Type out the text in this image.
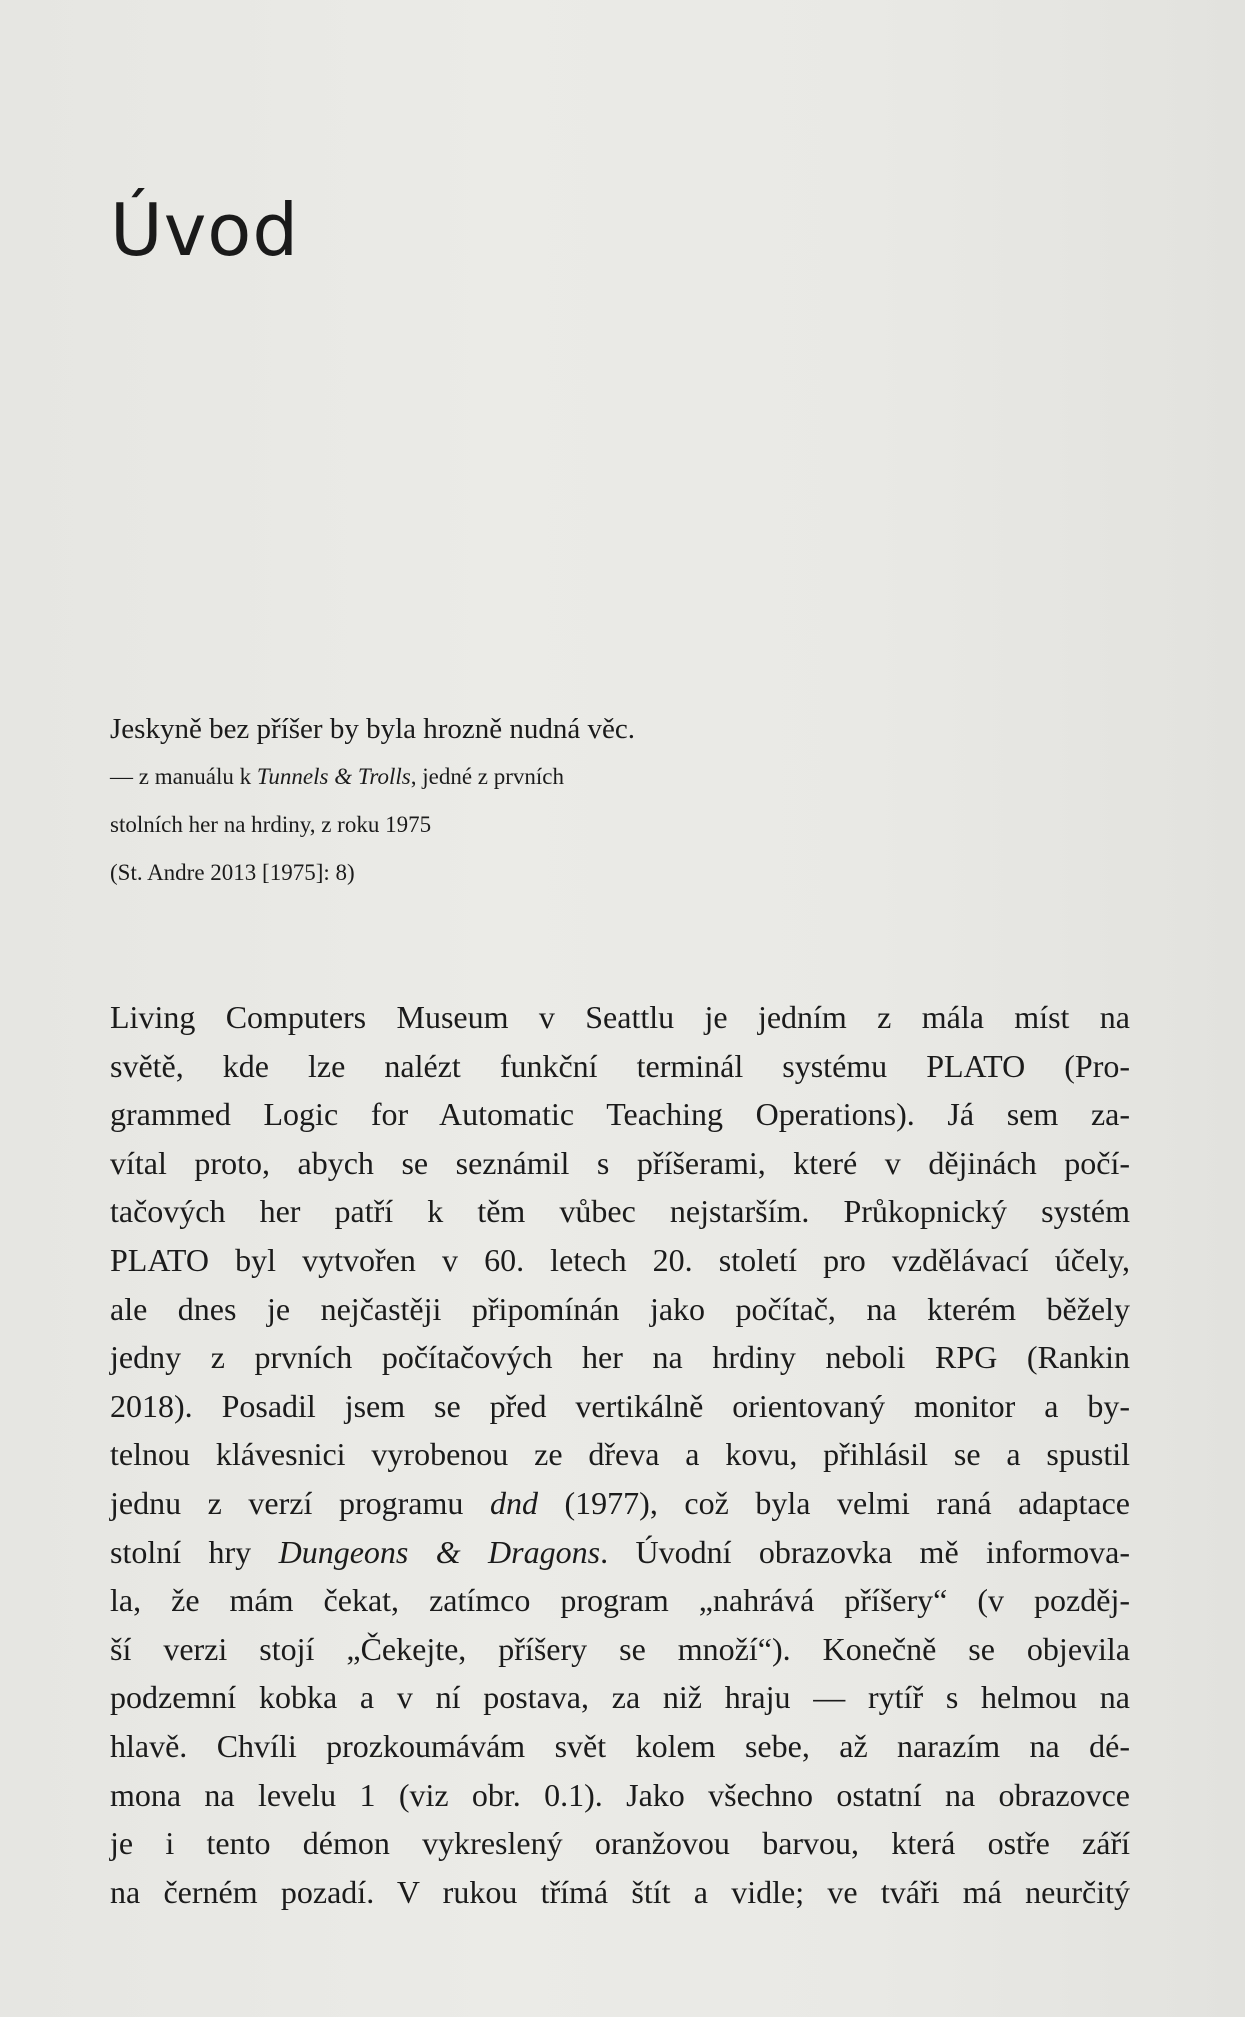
Úvod

Jeskyně bez příšer by byla hrozně nudná věc.

— z manuálu k Tunnels & Trolls, jedné z prvních

stolních her na hrdiny, z roku 1975

(St. Andre 2013 [1975]: 8)

Living Computers Museum v Seattlu je jedním z mála míst na
světě, kde lze nalézt funkční terminál systému PLATO (Pro-
grammed Logic for Automatic Teaching Operations). Já sem za-
vítal proto, abych se seznámil s příšerami, které v dějinách počí-
tačových her patří k těm vůbec nejstarším. Průkopnický systém
PLATO byl vytvořen v 60. letech 20. století pro vzdělávací účely,
ale dnes je nejčastěji připomínán jako počítač, na kterém běžely
jedny z prvních počítačových her na hrdiny neboli RPG (Rankin
2018). Posadil jsem se před vertikálně orientovaný monitor a by-
telnou klávesnici vyrobenou ze dřeva a kovu, přihlásil se a spustil
jednu z verzí programu dnd (1977), což byla velmi raná adaptace
stolní hry Dungeons & Dragons. Úvodní obrazovka mě informova-
la, že mám čekat, zatímco program „nahrává příšery“ (v pozděj-
ší verzi stojí „Čekejte, příšery se množí“). Konečně se objevila
podzemní kobka a v ní postava, za niž hraju — rytíř s helmou na
hlavě. Chvíli prozkoumávám svět kolem sebe, až narazím na dé-
mona na levelu 1 (viz obr. 0.1). Jako všechno ostatní na obrazovce
je i tento démon vykreslený oranžovou barvou, která ostře září
na černém pozadí. V rukou třímá štít a vidle; ve tváři má neurčitý
